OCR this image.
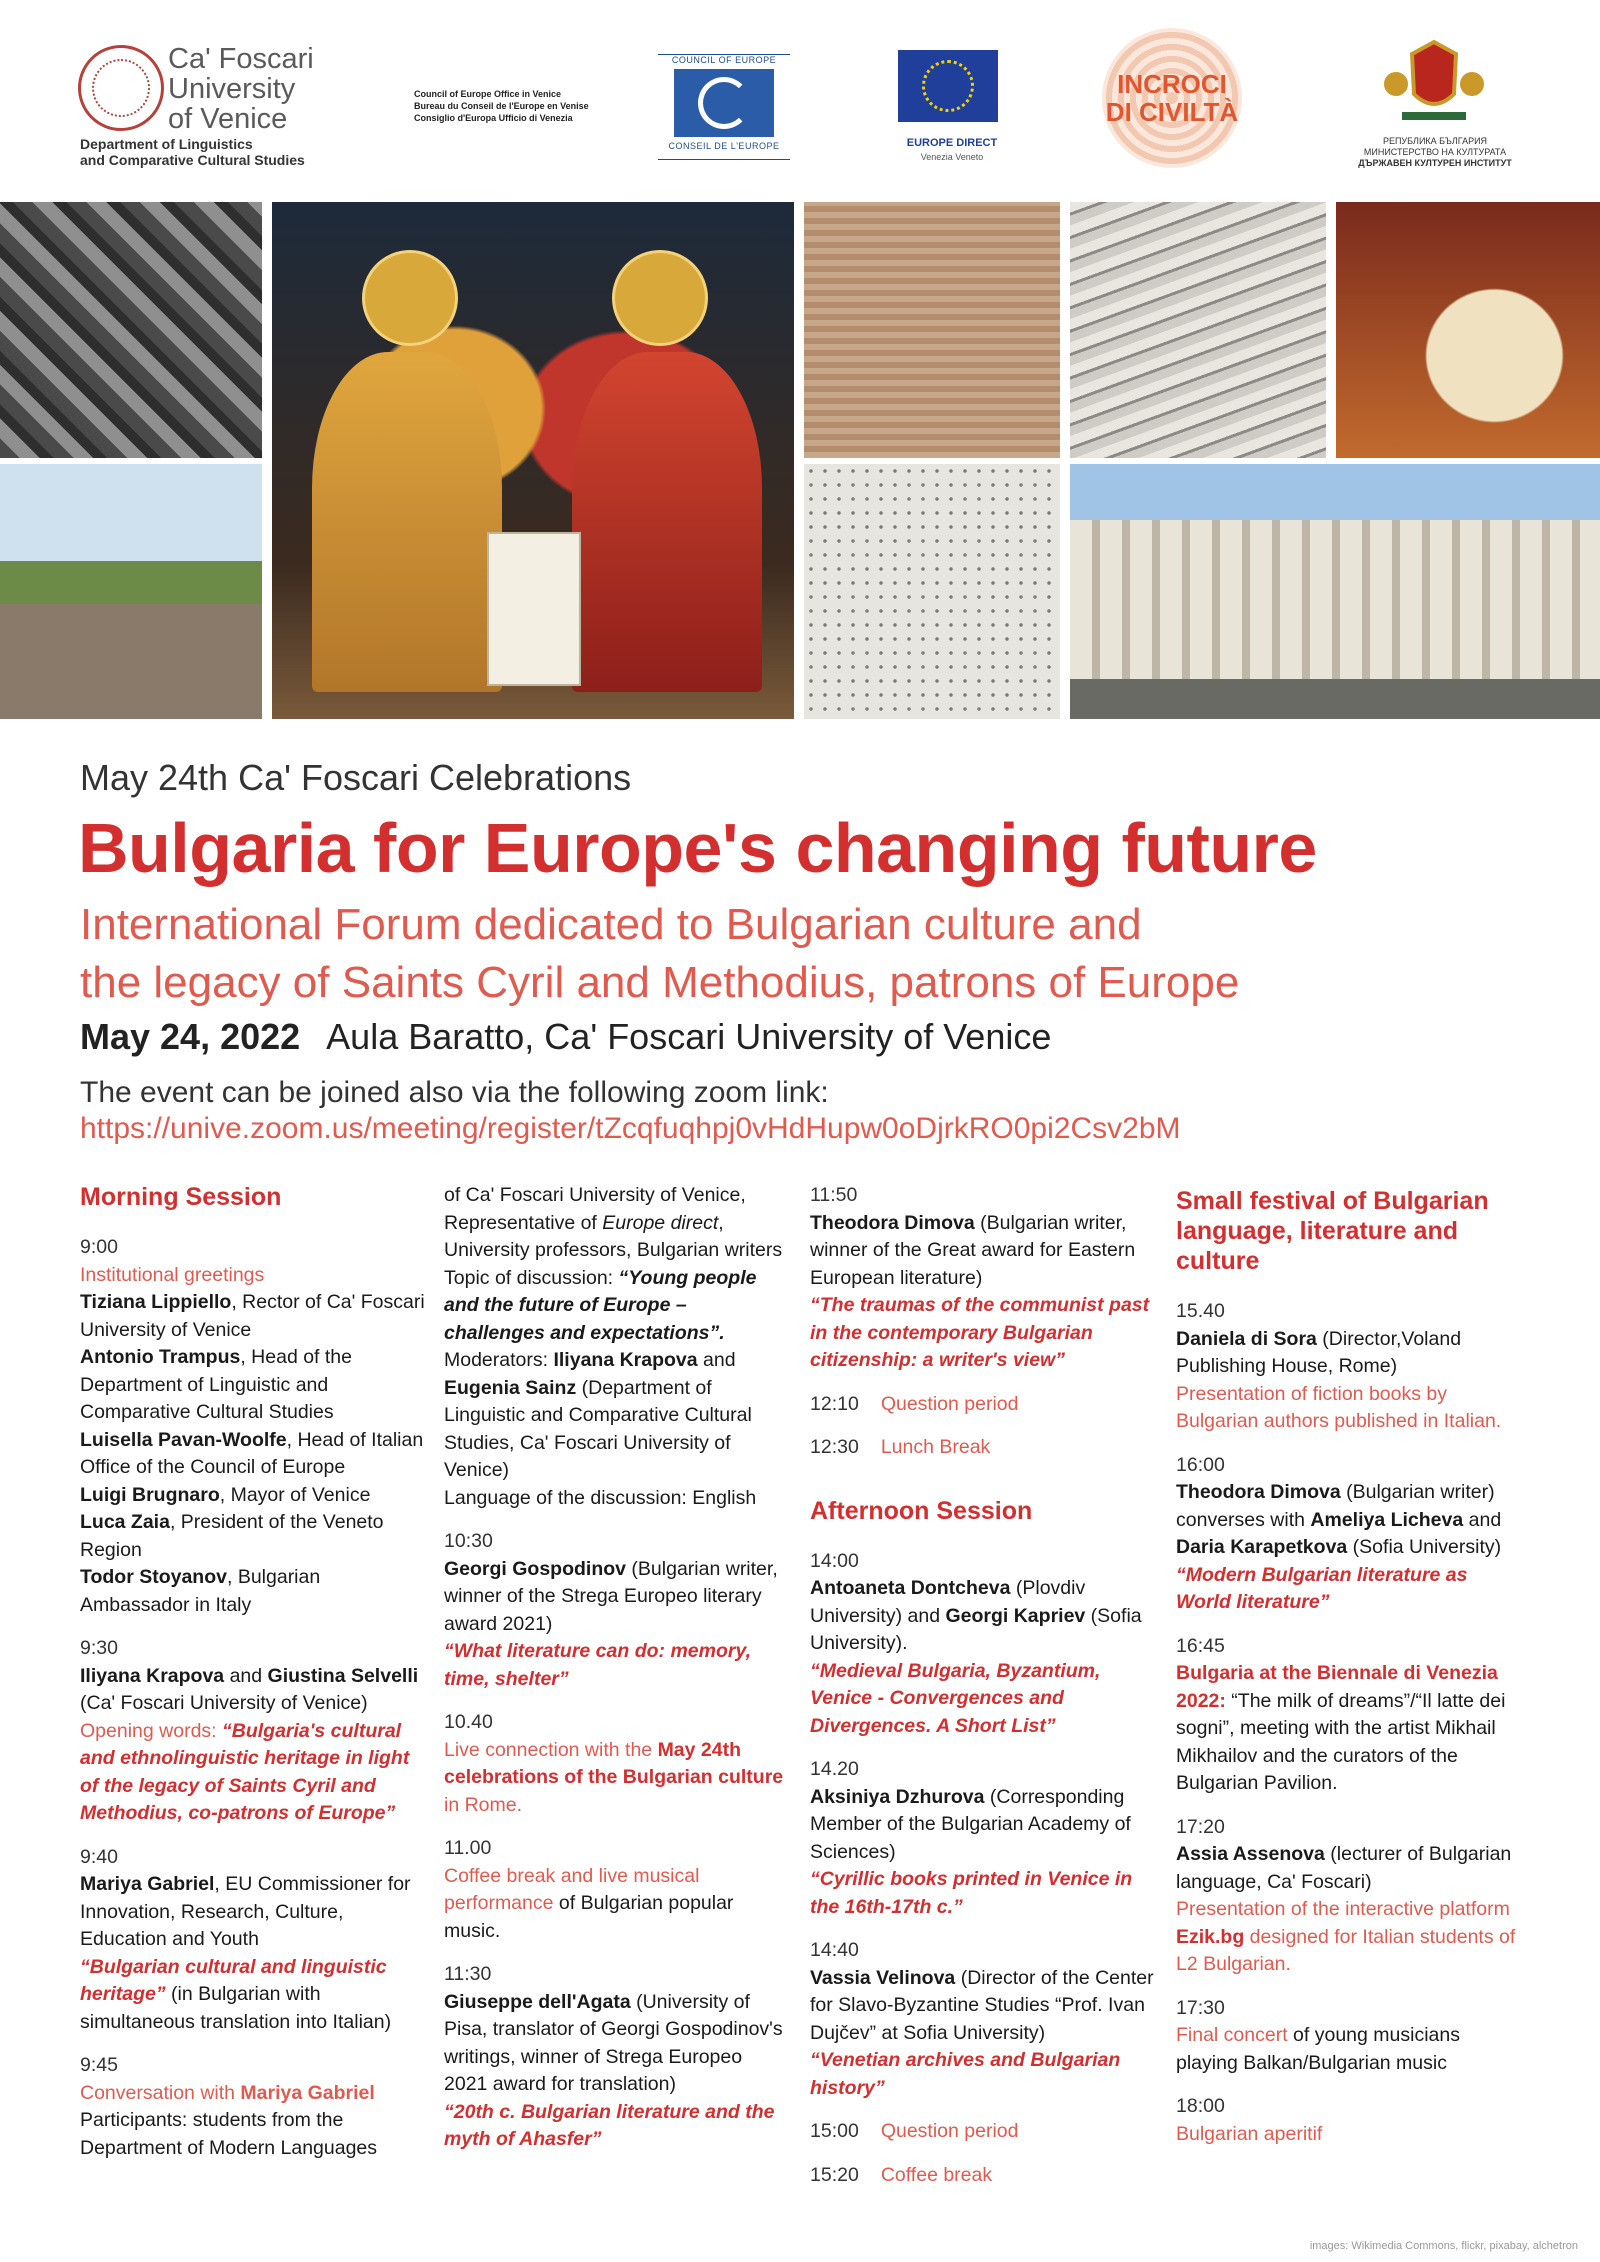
Ca' Foscari
University
of Venice
Department of Linguistics
and Comparative Cultural Studies
Council of Europe Office in Venice
Bureau du Conseil de l'Europe en Venise
Consiglio d'Europa Ufficio di Venezia
COUNCIL OF EUROPE
CONSEIL DE L'EUROPE	EUROPE DIRECT
Venezia Veneto
INCROCI
DI CIVILTÀ
РЕПУБЛИКА БЪЛГАРИЯ
МИНИСТЕРСТВО НА КУЛТУРАТА
ДЪРЖАВЕН КУЛТУРЕН ИНСТИТУТ
May 24th Ca' Foscari Celebrations
Bulgaria for Europe's changing future
International Forum dedicated to Bulgarian culture and
the legacy of Saints Cyril and Methodius, patrons of Europe
May 24, 2022 Aula Baratto, Ca' Foscari University of Venice
The event can be joined also via the following zoom link:
https://unive.zoom.us/meeting/register/tZcqfuqhpj0vHdHupw0oDjrkRO0pi2Csv2bM

Morning Session

9:00

Institutional greetings

Tiziana Lippiello, Rector of Ca' Foscari University of Venice

Antonio Trampus, Head of the Department of Linguistic and Comparative Cultural Studies

Luisella Pavan-Woolfe, Head of Italian Office of the Council of Europe

Luigi Brugnaro, Mayor of Venice

Luca Zaia, President of the Veneto Region

Todor Stoyanov, Bulgarian Ambassador in Italy

9:30

Iliyana Krapova and Giustina Selvelli (Ca' Foscari University of Venice)

Opening words: “Bulgaria's cultural and ethnolinguistic heritage in light of the legacy of Saints Cyril and Methodius, co-patrons of Europe”

9:40

Mariya Gabriel, EU Commissioner for Innovation, Research, Culture, Education and Youth

“Bulgarian cultural and linguistic heritage” (in Bulgarian with simultaneous translation into Italian)

9:45

Conversation with Mariya Gabriel

Participants: students from the Department of Modern Languages

of Ca' Foscari University of Venice, Representative of Europe direct, University professors, Bulgarian writers

Topic of discussion: “Young people and the future of Europe – challenges and expectations”.

Moderators: Iliyana Krapova and Eugenia Sainz (Department of Linguistic and Comparative Cultural Studies, Ca' Foscari University of Venice)

Language of the discussion: English

10:30

Georgi Gospodinov (Bulgarian writer, winner of the Strega Europeo literary award 2021)

“What literature can do: memory, time, shelter”

10.40

Live connection with the May 24th celebrations of the Bulgarian culture in Rome.

11.00

Coffee break and live musical performance of Bulgarian popular music.

11:30

Giuseppe dell'Agata (University of Pisa, translator of Georgi Gospodinov's writings, winner of Strega Europeo 2021 award for translation)

“20th c. Bulgarian literature and the myth of Ahasfer”

11:50

Theodora Dimova (Bulgarian writer, winner of the Great award for Eastern European literature)

“The traumas of the communist past in the contemporary Bulgarian citizenship: a writer's view”

12:10 Question period

12:30 Lunch Break

Afternoon Session

14:00

Antoaneta Dontcheva (Plovdiv University) and Georgi Kapriev (Sofia University).

“Medieval Bulgaria, Byzantium, Venice - Convergences and Divergences. A Short List”

14.20

Aksiniya Dzhurova (Corresponding Member of the Bulgarian Academy of Sciences)

“Cyrillic books printed in Venice in the 16th-17th c.”

14:40

Vassia Velinova (Director of the Center for Slavo-Byzantine Studies “Prof. Ivan Dujčev” at Sofia University)

“Venetian archives and Bulgarian history”

15:00 Question period

15:20 Coffee break

Small festival of Bulgarian language, literature and culture

15.40

Daniela di Sora (Director,Voland Publishing House, Rome)

Presentation of fiction books by Bulgarian authors published in Italian.

16:00

Theodora Dimova (Bulgarian writer) converses with Ameliya Licheva and Daria Karapetkova (Sofia University)

“Modern Bulgarian literature as World literature”

16:45

Bulgaria at the Biennale di Venezia 2022: “The milk of dreams”/“Il latte dei sogni”, meeting with the artist Mikhail Mikhailov and the curators of the Bulgarian Pavilion.

17:20

Assia Assenova (lecturer of Bulgarian language, Ca' Foscari)

Presentation of the interactive platform Ezik.bg designed for Italian students of L2 Bulgarian.

17:30

Final concert of young musicians playing Balkan/Bulgarian music

18:00

Bulgarian aperitif

images: Wikimedia Commons, flickr, pixabay, alchetron
